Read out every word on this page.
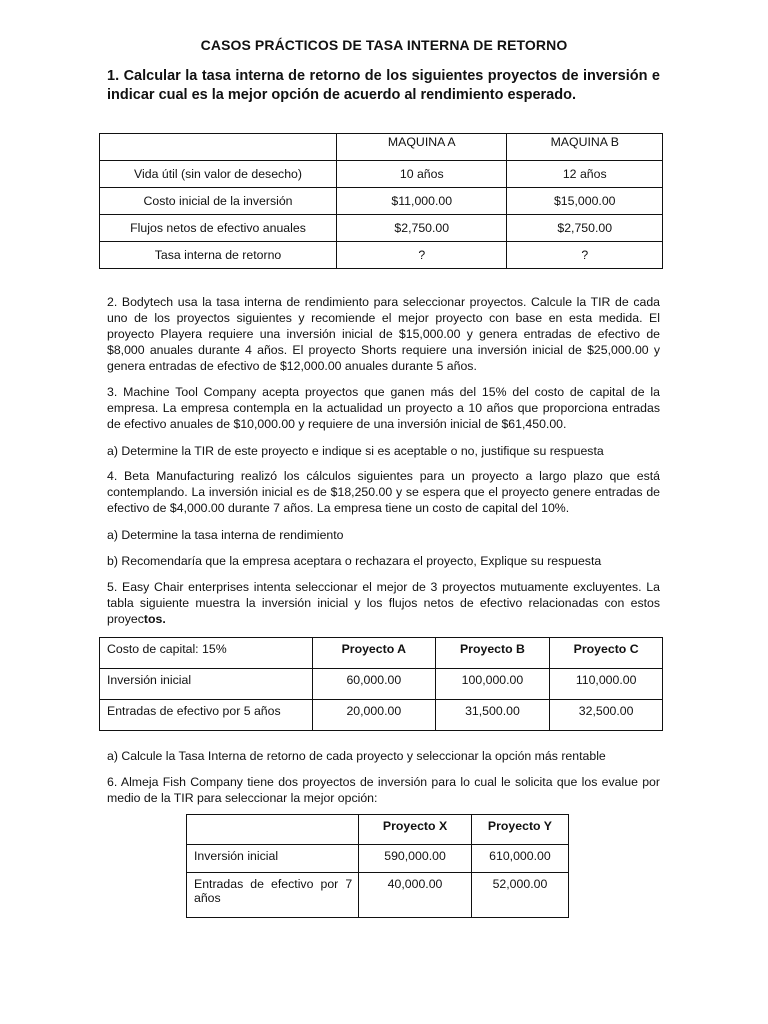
CASOS PRÁCTICOS DE TASA INTERNA DE RETORNO
1. Calcular la tasa interna de retorno de los siguientes proyectos de inversión e indicar cual es la mejor opción de acuerdo al rendimiento esperado.
	MAQUINA A	MAQUINA B
Vida útil (sin valor de desecho)	10 años	12 años
Costo inicial de la inversión	$11,000.00	$15,000.00
Flujos netos de efectivo anuales	$2,750.00	$2,750.00
Tasa interna de retorno	?	?

2. Bodytech usa la tasa interna de rendimiento para seleccionar proyectos. Calcule la TIR de cada uno de los proyectos siguientes y recomiende el mejor proyecto con base en esta medida. El proyecto Playera requiere una inversión inicial de $15,000.00 y genera entradas de efectivo de $8,000 anuales durante 4 años. El proyecto Shorts requiere una inversión inicial de $25,000.00 y genera entradas de efectivo de $12,000.00 anuales durante 5 años.

3. Machine Tool Company acepta proyectos que ganen más del 15% del costo de capital de la empresa. La empresa contempla en la actualidad un proyecto a 10 años que proporciona entradas de efectivo anuales de $10,000.00 y requiere de una inversión inicial de $61,450.00.

a) Determine la TIR de este proyecto e indique si es aceptable o no, justifique su respuesta

4. Beta Manufacturing realizó los cálculos siguientes para un proyecto a largo plazo que está contemplando. La inversión inicial es de $18,250.00 y se espera que el proyecto genere entradas de efectivo de $4,000.00 durante 7 años. La empresa tiene un costo de capital del 10%.

a) Determine la tasa interna de rendimiento

b) Recomendaría que la empresa aceptara o rechazara el proyecto, Explique su respuesta

5. Easy Chair enterprises intenta seleccionar el mejor de 3 proyectos mutuamente excluyentes. La tabla siguiente muestra la inversión inicial y los flujos netos de efectivo relacionadas con estos proyectos.

Costo de capital: 15%	Proyecto A	Proyecto B	Proyecto C
Inversión inicial	60,000.00	100,000.00	110,000.00
Entradas de efectivo por 5 años	20,000.00	31,500.00	32,500.00

a) Calcule la Tasa Interna de retorno de cada proyecto y seleccionar la opción más rentable

6. Almeja Fish Company tiene dos proyectos de inversión para lo cual le solicita que los evalue por medio de la TIR para seleccionar la mejor opción:

	Proyecto X	Proyecto Y
Inversión inicial	590,000.00	610,000.00
Entradas de efectivo por 7 años	40,000.00	52,000.00
